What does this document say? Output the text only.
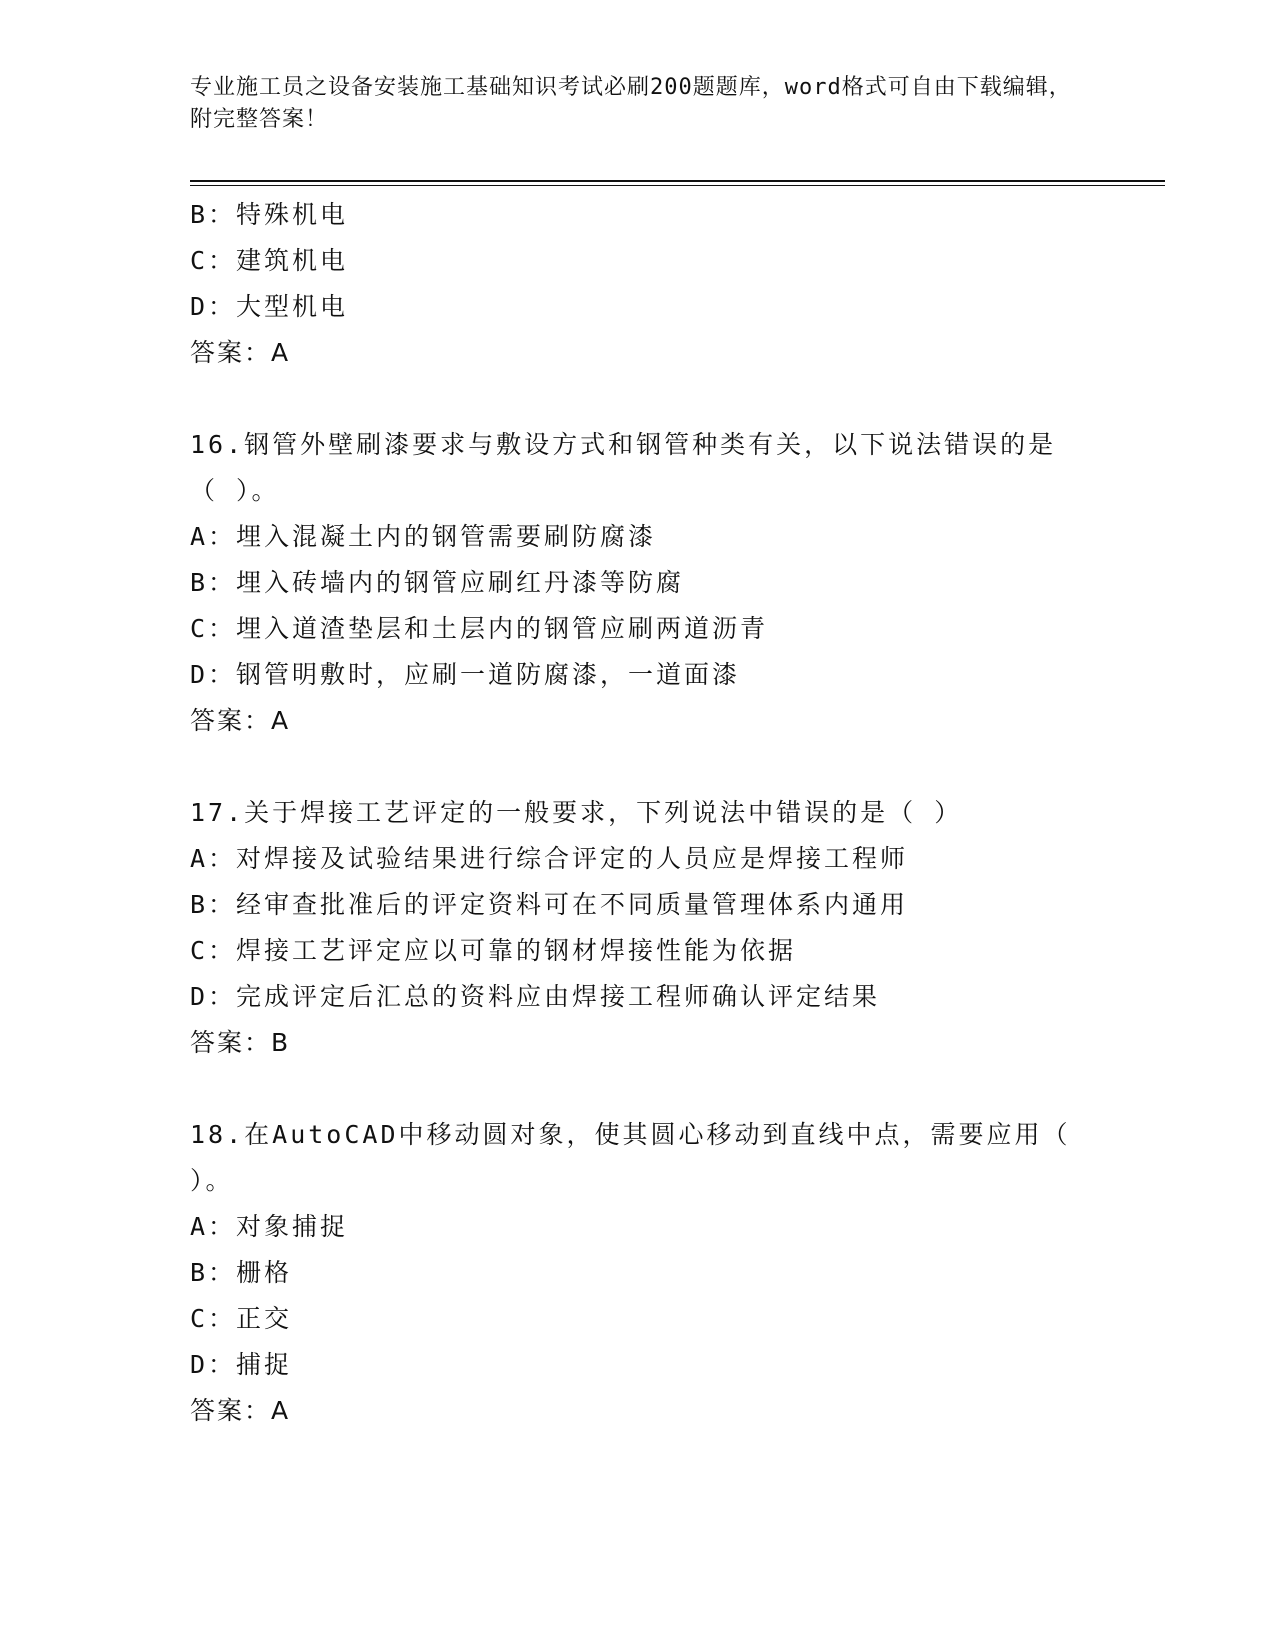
专业施工员之设备安装施工基础知识考试必刷200题题库，word格式可自由下载编辑，附完整答案！
B：特殊机电
C：建筑机电
D：大型机电
答案：A
16.钢管外壁刷漆要求与敷设方式和钢管种类有关，以下说法错误的是（ ）。
A：埋入混凝土内的钢管需要刷防腐漆
B：埋入砖墙内的钢管应刷红丹漆等防腐
C：埋入道渣垫层和土层内的钢管应刷两道沥青
D：钢管明敷时，应刷一道防腐漆，一道面漆
答案：A
17.关于焊接工艺评定的一般要求，下列说法中错误的是（ ）
A：对焊接及试验结果进行综合评定的人员应是焊接工程师
B：经审查批准后的评定资料可在不同质量管理体系内通用
C：焊接工艺评定应以可靠的钢材焊接性能为依据
D：完成评定后汇总的资料应由焊接工程师确认评定结果
答案：B
18.在AutoCAD中移动圆对象，使其圆心移动到直线中点，需要应用（ ）。
A：对象捕捉
B：栅格
C：正交
D：捕捉
答案：A
